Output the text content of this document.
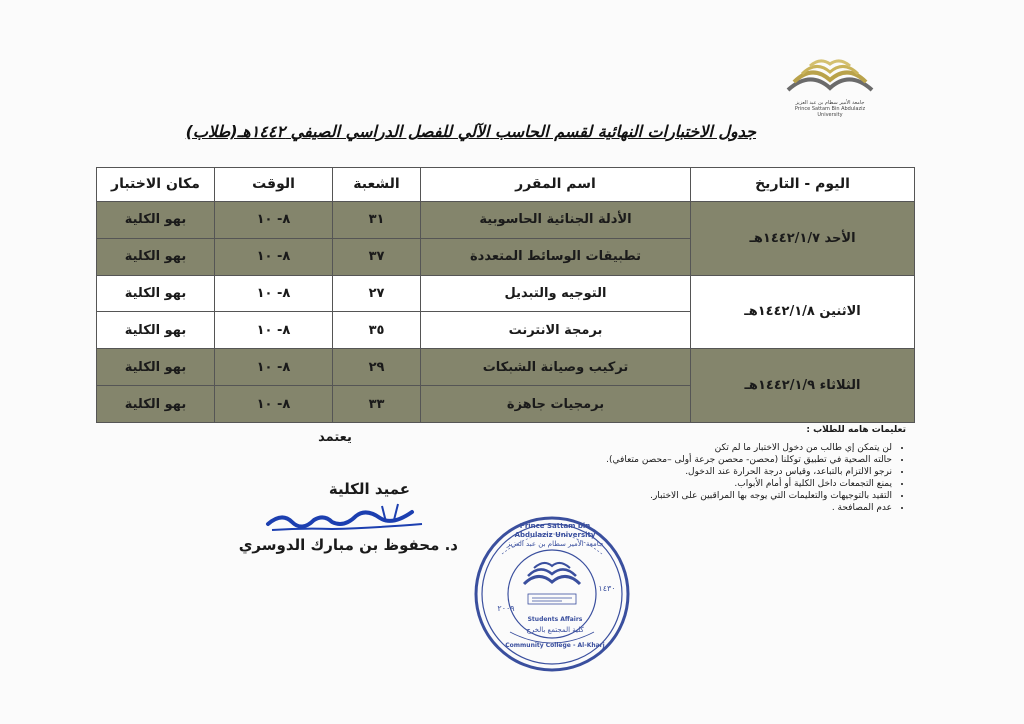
جامعة الأمير سطام بن عبد العزيز
Prince Sattam Bin Abdulaziz University
جدول الاختبارات النهائية لقسم الحاسب الآلي للفصل الدراسي الصيفي ١٤٤٢هـ(طلاب)
اليوم - التاريخ	اسم المقرر	الشعبة	الوقت	مكان الاختبار
الأحد ١٤٤٢/١/٧هـ	الأدلة الجنائية الحاسوبية	٣١	٨- ١٠	بهو الكلية
	تطبيقات الوسائط المتعددة	٣٧	٨- ١٠	بهو الكلية
الاثنين ١٤٤٢/١/٨هـ	التوجيه والتبديل	٢٧	٨- ١٠	بهو الكلية
	برمجة الانترنت	٣٥	٨- ١٠	بهو الكلية
الثلاثاء ١٤٤٢/١/٩هـ	تركيب وصيانة الشبكات	٢٩	٨- ١٠	بهو الكلية
	برمجيات جاهزة	٣٣	٨- ١٠	بهو الكلية
يعتمد	تعليمات هامه للطلاب :
• لن يتمكن إي طالب من دخول الاختبار ما لم تكن
• حالته الصحية في تطبيق توكلنا (محصن- محصن جرعة أولى –محصن متعافي).
• نرجو الالتزام بالتباعد، وقياس درجة الحرارة عند الدخول.
• يمنع التجمعات داخل الكلية أو أمام الأبواب.
• التقيد بالتوجيهات والتعليمات التي يوجه بها المراقبين على الاختبار.
• عدم المصافحة .
عميد الكلية
د. محفوظ بن مبارك الدوسري
Prince Sattam bin Abdulaziz University
جامعة الأمير سطام بن عبد العزيز
٢٠٠٩
١٤٣٠
Students Affairs
كلية المجتمع بالخرج
Community College - Al-Kharj
